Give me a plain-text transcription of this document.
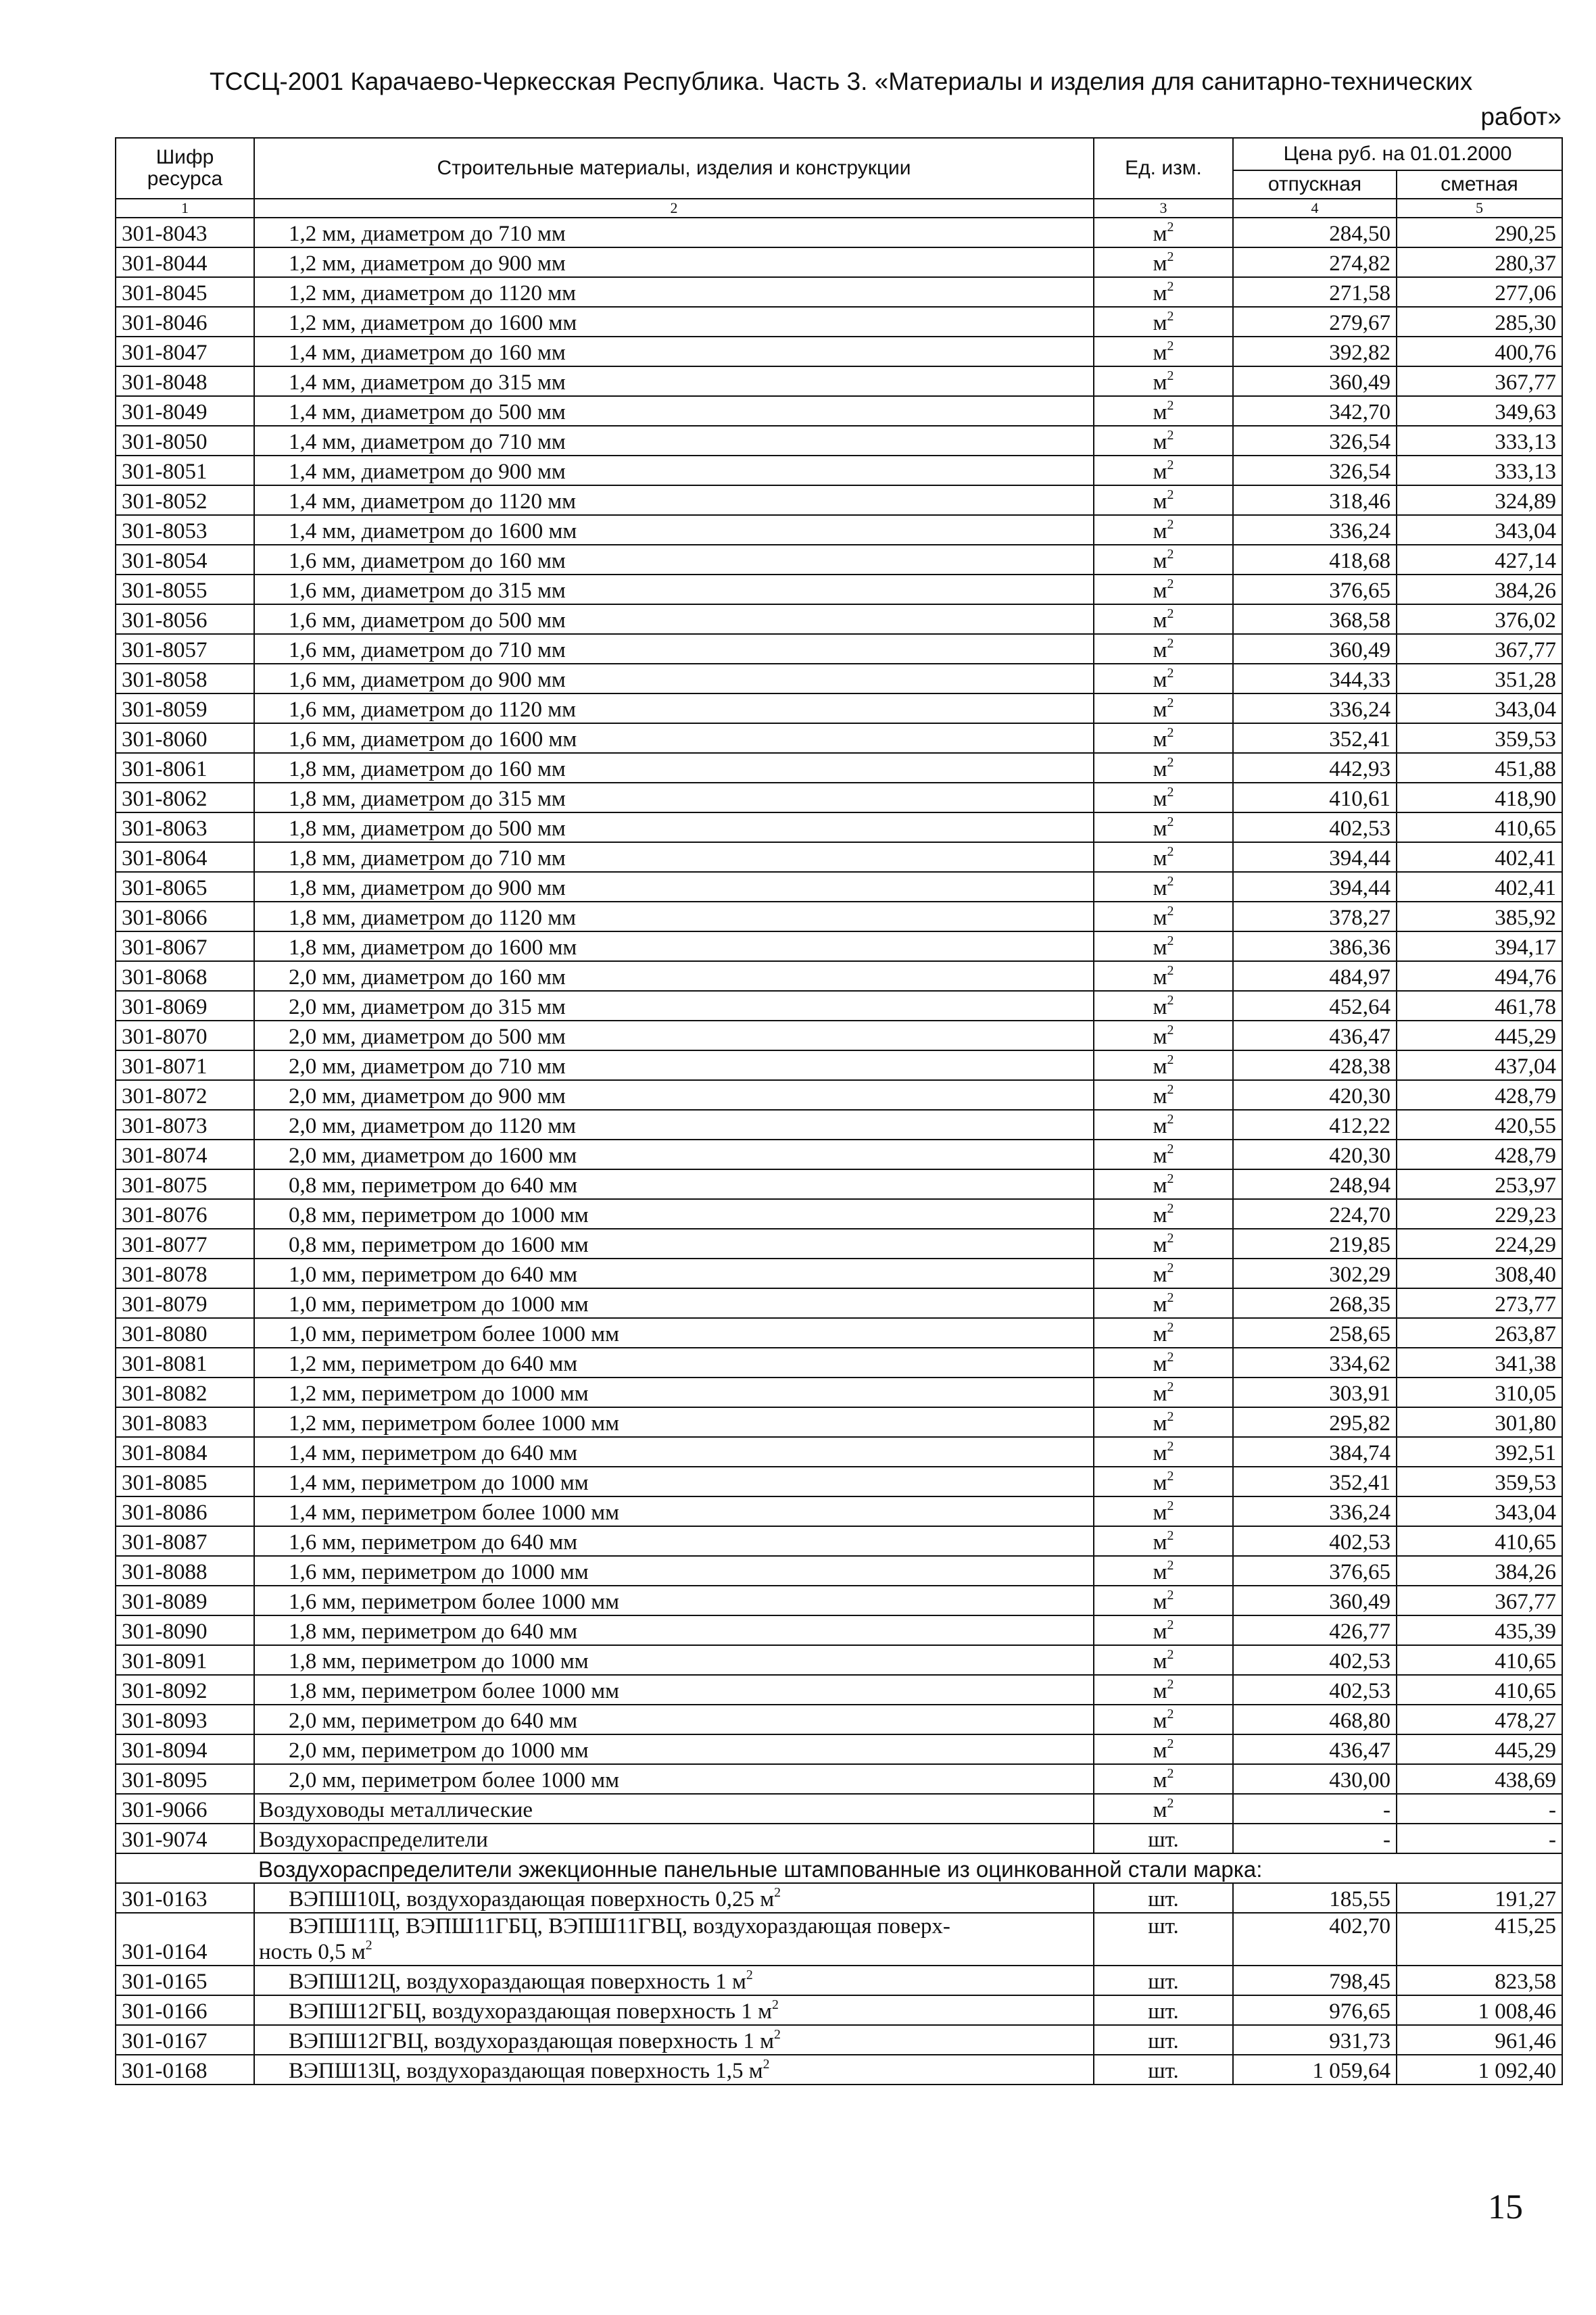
ТССЦ-2001 Карачаево-Черкесская Республика. Часть 3. «Материалы и изделия для санитарно-технических
работ»
Шифр ресурса	Строительные материалы, изделия и конструкции	Ед. изм.	Цена руб. на 01.01.2000	
			отпускная	сметная
1	2	3	4	5
301-8043	1,2 мм, диаметром до 710 мм	$м^2$	284,50	290,25
301-8044	1,2 мм, диаметром до 900 мм	$м^2$	274,82	280,37
301-8045	1,2 мм, диаметром до 1120 мм	$м^2$	271,58	277,06
301-8046	1,2 мм, диаметром до 1600 мм	$м^2$	279,67	285,30
301-8047	1,4 мм, диаметром до 160 мм	$м^2$	392,82	400,76
301-8048	1,4 мм, диаметром до 315 мм	$м^2$	360,49	367,77
301-8049	1,4 мм, диаметром до 500 мм	$м^2$	342,70	349,63
301-8050	1,4 мм, диаметром до 710 мм	$м^2$	326,54	333,13
301-8051	1,4 мм, диаметром до 900 мм	$м^2$	326,54	333,13
301-8052	1,4 мм, диаметром до 1120 мм	$м^2$	318,46	324,89
301-8053	1,4 мм, диаметром до 1600 мм	$м^2$	336,24	343,04
301-8054	1,6 мм, диаметром до 160 мм	$м^2$	418,68	427,14
301-8055	1,6 мм, диаметром до 315 мм	$м^2$	376,65	384,26
301-8056	1,6 мм, диаметром до 500 мм	$м^2$	368,58	376,02
301-8057	1,6 мм, диаметром до 710 мм	$м^2$	360,49	367,77
301-8058	1,6 мм, диаметром до 900 мм	$м^2$	344,33	351,28
301-8059	1,6 мм, диаметром до 1120 мм	$м^2$	336,24	343,04
301-8060	1,6 мм, диаметром до 1600 мм	$м^2$	352,41	359,53
301-8061	1,8 мм, диаметром до 160 мм	$м^2$	442,93	451,88
301-8062	1,8 мм, диаметром до 315 мм	$м^2$	410,61	418,90
301-8063	1,8 мм, диаметром до 500 мм	$м^2$	402,53	410,65
301-8064	1,8 мм, диаметром до 710 мм	$м^2$	394,44	402,41
301-8065	1,8 мм, диаметром до 900 мм	$м^2$	394,44	402,41
301-8066	1,8 мм, диаметром до 1120 мм	$м^2$	378,27	385,92
301-8067	1,8 мм, диаметром до 1600 мм	$м^2$	386,36	394,17
301-8068	2,0 мм, диаметром до 160 мм	$м^2$	484,97	494,76
301-8069	2,0 мм, диаметром до 315 мм	$м^2$	452,64	461,78
301-8070	2,0 мм, диаметром до 500 мм	$м^2$	436,47	445,29
301-8071	2,0 мм, диаметром до 710 мм	$м^2$	428,38	437,04
301-8072	2,0 мм, диаметром до 900 мм	$м^2$	420,30	428,79
301-8073	2,0 мм, диаметром до 1120 мм	$м^2$	412,22	420,55
301-8074	2,0 мм, диаметром до 1600 мм	$м^2$	420,30	428,79
301-8075	0,8 мм, периметром до 640 мм	$м^2$	248,94	253,97
301-8076	0,8 мм, периметром до 1000 мм	$м^2$	224,70	229,23
301-8077	0,8 мм, периметром до 1600 мм	$м^2$	219,85	224,29
301-8078	1,0 мм, периметром до 640 мм	$м^2$	302,29	308,40
301-8079	1,0 мм, периметром до 1000 мм	$м^2$	268,35	273,77
301-8080	1,0 мм, периметром более 1000 мм	$м^2$	258,65	263,87
301-8081	1,2 мм, периметром до 640 мм	$м^2$	334,62	341,38
301-8082	1,2 мм, периметром до 1000 мм	$м^2$	303,91	310,05
301-8083	1,2 мм, периметром более 1000 мм	$м^2$	295,82	301,80
301-8084	1,4 мм, периметром до 640 мм	$м^2$	384,74	392,51
301-8085	1,4 мм, периметром до 1000 мм	$м^2$	352,41	359,53
301-8086	1,4 мм, периметром более 1000 мм	$м^2$	336,24	343,04
301-8087	1,6 мм, периметром до 640 мм	$м^2$	402,53	410,65
301-8088	1,6 мм, периметром до 1000 мм	$м^2$	376,65	384,26
301-8089	1,6 мм, периметром более 1000 мм	$м^2$	360,49	367,77
301-8090	1,8 мм, периметром до 640 мм	$м^2$	426,77	435,39
301-8091	1,8 мм, периметром до 1000 мм	$м^2$	402,53	410,65
301-8092	1,8 мм, периметром более 1000 мм	$м^2$	402,53	410,65
301-8093	2,0 мм, периметром до 640 мм	$м^2$	468,80	478,27
301-8094	2,0 мм, периметром до 1000 мм	$м^2$	436,47	445,29
301-8095	2,0 мм, периметром более 1000 мм	$м^2$	430,00	438,69
301-9066	Воздуховоды металлические	$м^2$	-	-
301-9074	Воздухораспределители	шт.	-	-
	Воздухораспределители эжекционные панельные штампованные из оцинкованной стали марка:			
301-0163	ВЭПШ10Ц, воздухораздающая поверхность 0,25 $м^2$	шт.	185,55	191,27
301-0164	ВЭПШ11Ц, ВЭПШ11ГБЦ, ВЭПШ11ГВЦ, воздухораздающая поверх-
ность 0,5 $м^2$	шт.	402,70	415,25
301-0165	ВЭПШ12Ц, воздухораздающая поверхность 1 $м^2$	шт.	798,45	823,58
301-0166	ВЭПШ12ГБЦ, воздухораздающая поверхность 1 $м^2$	шт.	976,65	1 008,46
301-0167	ВЭПШ12ГВЦ, воздухораздающая поверхность 1 $м^2$	шт.	931,73	961,46
301-0168	ВЭПШ13Ц, воздухораздающая поверхность 1,5 $м^2$	шт.	1 059,64	1 092,40
15
